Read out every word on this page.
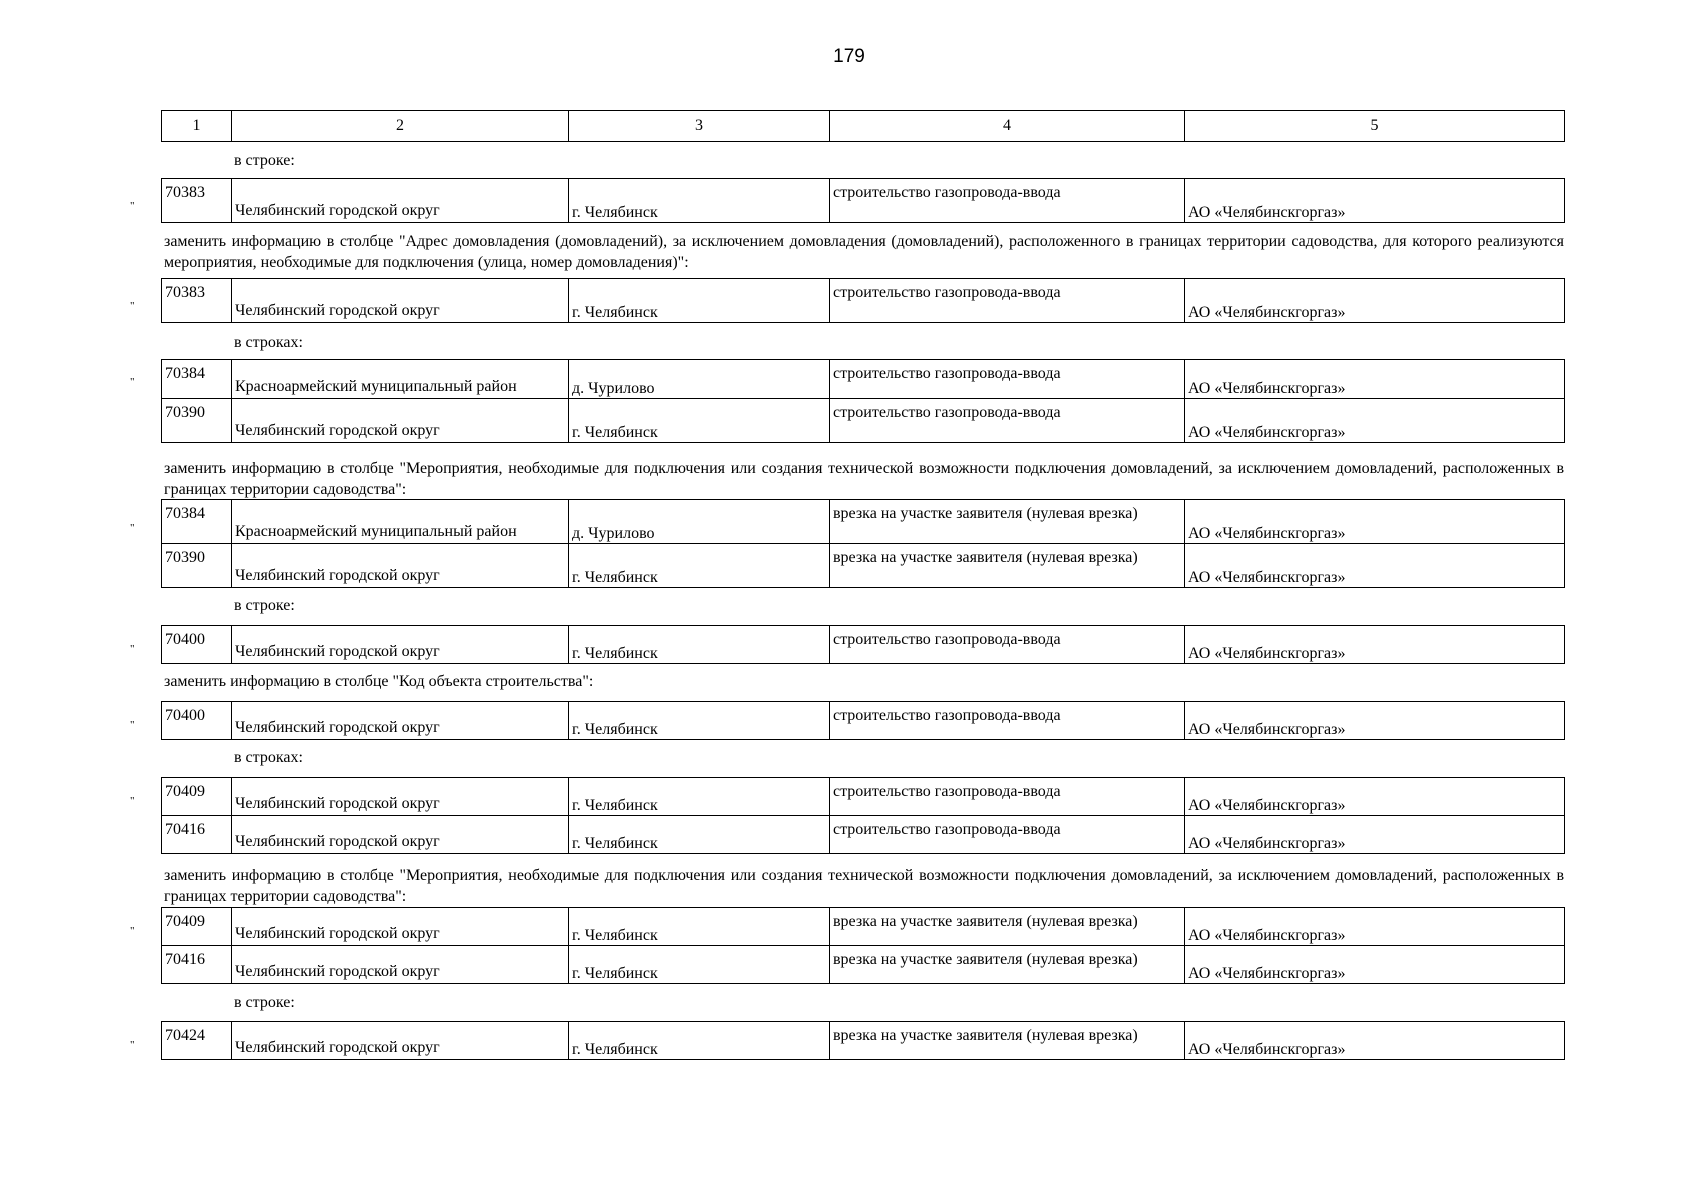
179
1	2	3	4	5
в строке:
"
70383	Челябинский городской округ	г. Челябинск	строительство газопровода-ввода	АО «Челябинскгоргаз»
заменить информацию в столбце "Адрес домовладения (домовладений), за исключением домовладения (домовладений), расположенного в границах территории садоводства, для которого реализуются мероприятия, необходимые для подключения (улица, номер домовладения)":
"
70383	Челябинский городской округ	г. Челябинск	строительство газопровода-ввода	АО «Челябинскгоргаз»
в строках:
" 70384	Красноармейский муниципальный район	д. Чурилово	строительство газопровода-ввода	АО «Челябинскгоргаз»
70390	Челябинский городской округ	г. Челябинск	строительство газопровода-ввода	АО «Челябинскгоргаз»
заменить информацию в столбце "Мероприятия, необходимые для подключения или создания технической возможности подключения домовладений, за исключением домовладений, расположенных в границах территории садоводства":
"
70384	Красноармейский муниципальный район	д. Чурилово	врезка на участке заявителя (нулевая врезка)	АО «Челябинскгоргаз»
70390	Челябинский городской округ	г. Челябинск	врезка на участке заявителя (нулевая врезка)	АО «Челябинскгоргаз»
в строке:
"
70400	Челябинский городской округ	г. Челябинск	строительство газопровода-ввода	АО «Челябинскгоргаз»
заменить информацию в столбце "Код объекта строительства":
"
70400	Челябинский городской округ	г. Челябинск	строительство газопровода-ввода	АО «Челябинскгоргаз»
в строках:
"
70409	Челябинский городской округ	г. Челябинск	строительство газопровода-ввода	АО «Челябинскгоргаз»
70416	Челябинский городской округ	г. Челябинск	строительство газопровода-ввода	АО «Челябинскгоргаз»
заменить информацию в столбце "Мероприятия, необходимые для подключения или создания технической возможности подключения домовладений, за исключением домовладений, расположенных в границах территории садоводства":
"
70409	Челябинский городской округ	г. Челябинск	врезка на участке заявителя (нулевая врезка)	АО «Челябинскгоргаз»
70416	Челябинский городской округ	г. Челябинск	врезка на участке заявителя (нулевая врезка)	АО «Челябинскгоргаз»
в строке:
"
70424	Челябинский городской округ	г. Челябинск	врезка на участке заявителя (нулевая врезка)	АО «Челябинскгоргаз»
